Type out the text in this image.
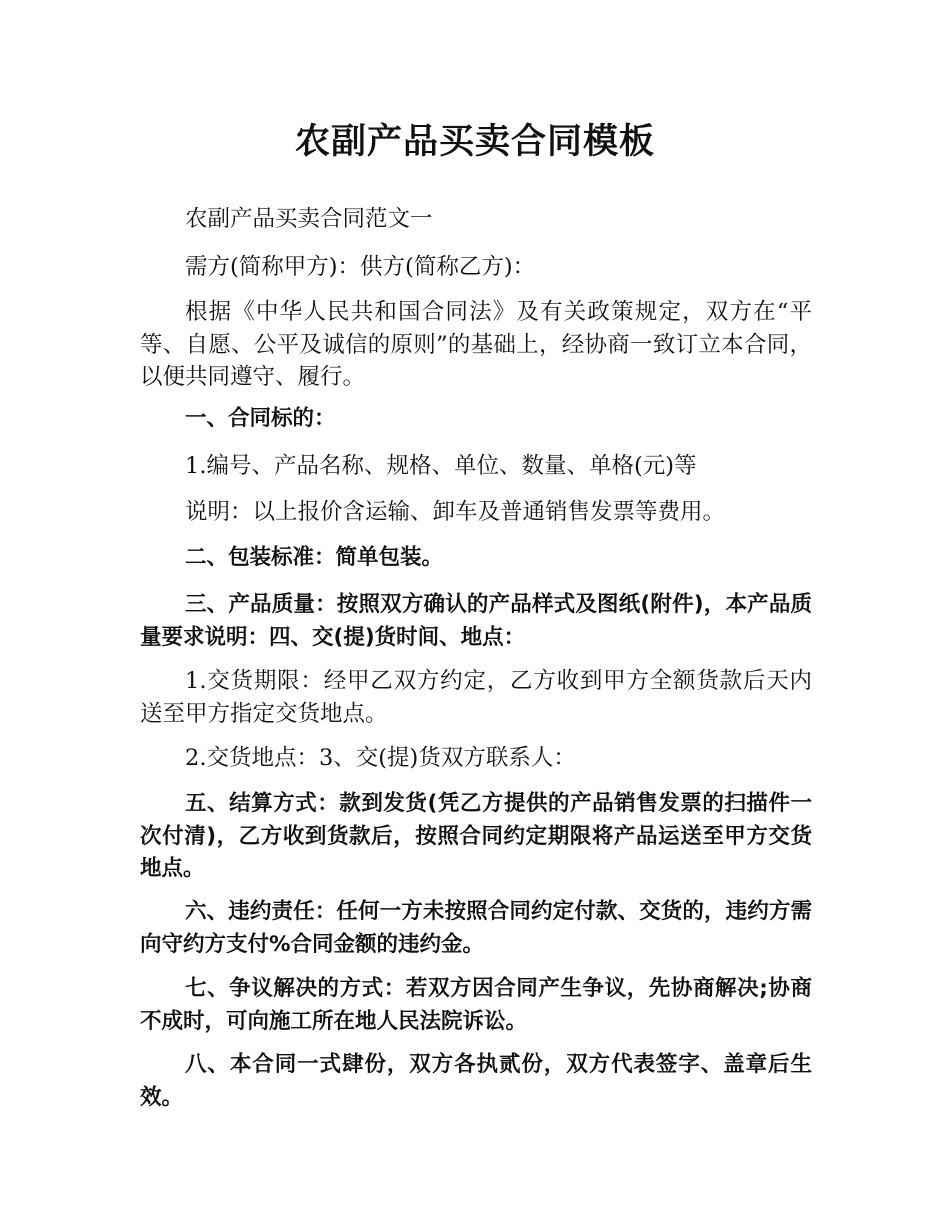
农副产品买卖合同模板

农副产品买卖合同范文一

需方(简称甲方)：供方(简称乙方)：

根据《中华人民共和国合同法》及有关政策规定，双方在“平等、自愿、公平及诚信的原则”的基础上，经协商一致订立本合同，以便共同遵守、履行。

一、合同标的：

1.编号、产品名称、规格、单位、数量、单格(元)等

说明：以上报价含运输、卸车及普通销售发票等费用。

二、包装标准：简单包装。

三、产品质量：按照双方确认的产品样式及图纸(附件)，本产品质量要求说明：四、交(提)货时间、地点：

1.交货期限：经甲乙双方约定，乙方收到甲方全额货款后天内送至甲方指定交货地点。

2.交货地点：3、交(提)货双方联系人：

五、结算方式：款到发货(凭乙方提供的产品销售发票的扫描件一次付清)，乙方收到货款后，按照合同约定期限将产品运送至甲方交货地点。

六、违约责任：任何一方未按照合同约定付款、交货的，违约方需向守约方支付%合同金额的违约金。

七、争议解决的方式：若双方因合同产生争议，先协商解决;协商不成时，可向施工所在地人民法院诉讼。

八、本合同一式肆份，双方各执贰份，双方代表签字、盖章后生效。
